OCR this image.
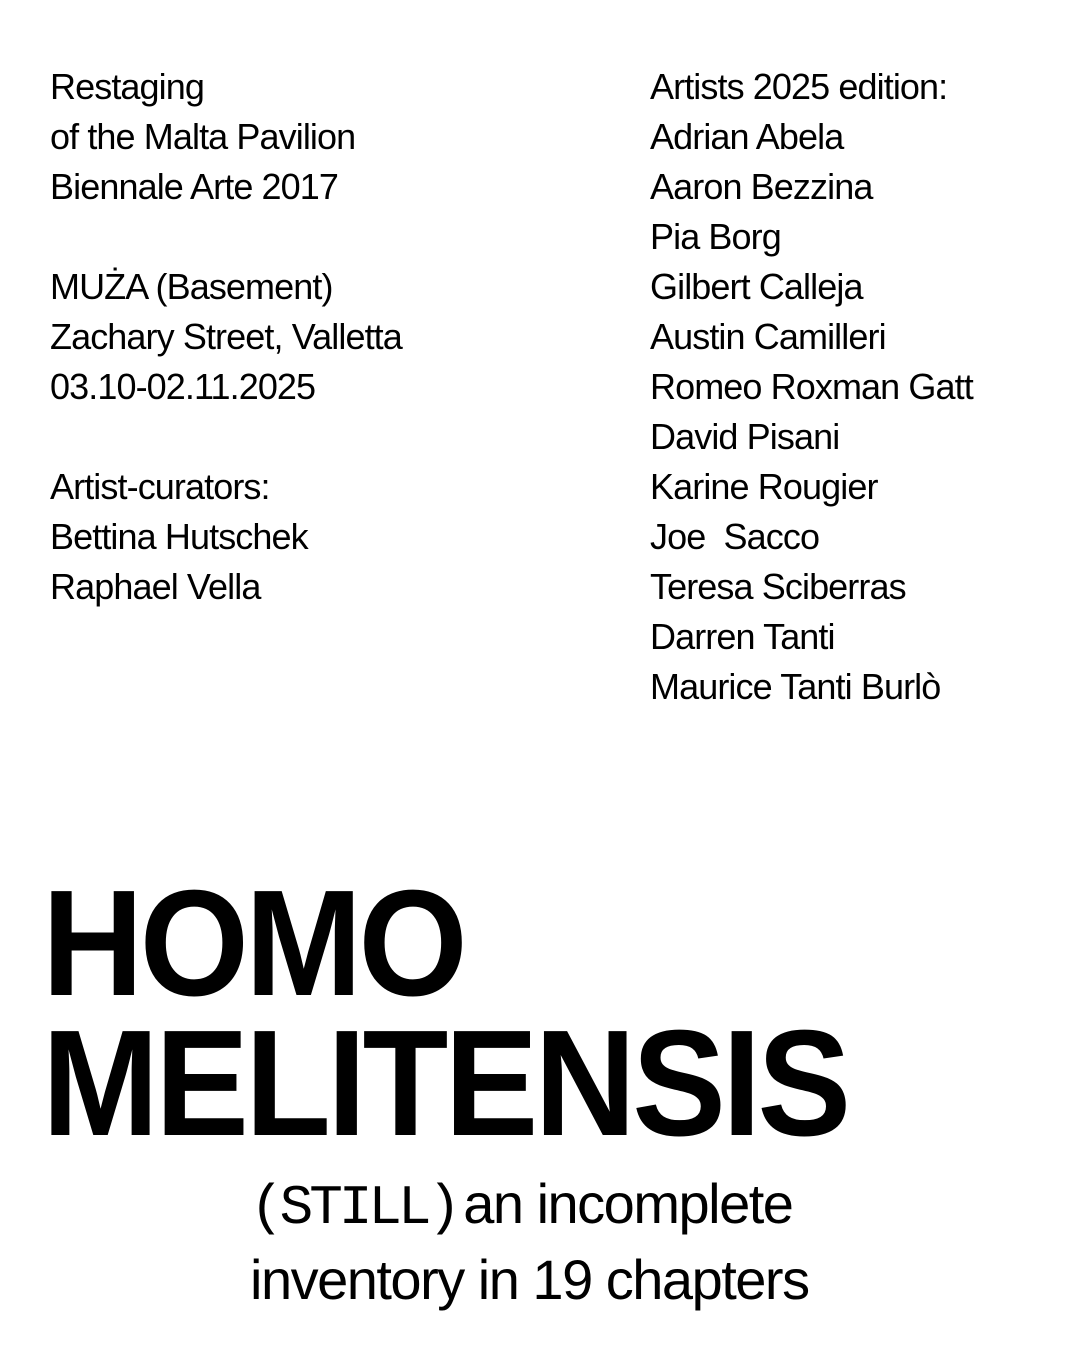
Restaging
of the Malta Pavilion
Biennale Arte 2017
MUŻA (Basement)
Zachary Street, Valletta
03.10-02.11.2025
Artist-curators:
Bettina Hutschek
Raphael Vella
Artists 2025 edition:
Adrian Abela
Aaron Bezzina
Pia Borg
Gilbert Calleja
Austin Camilleri
Romeo Roxman Gatt
David Pisani
Karine Rougier
Joe  Sacco
Teresa Sciberras
Darren Tanti
Maurice Tanti Burlò
HOMO
MELITENSIS
(STILL) an incomplete
inventory in 19 chapters
